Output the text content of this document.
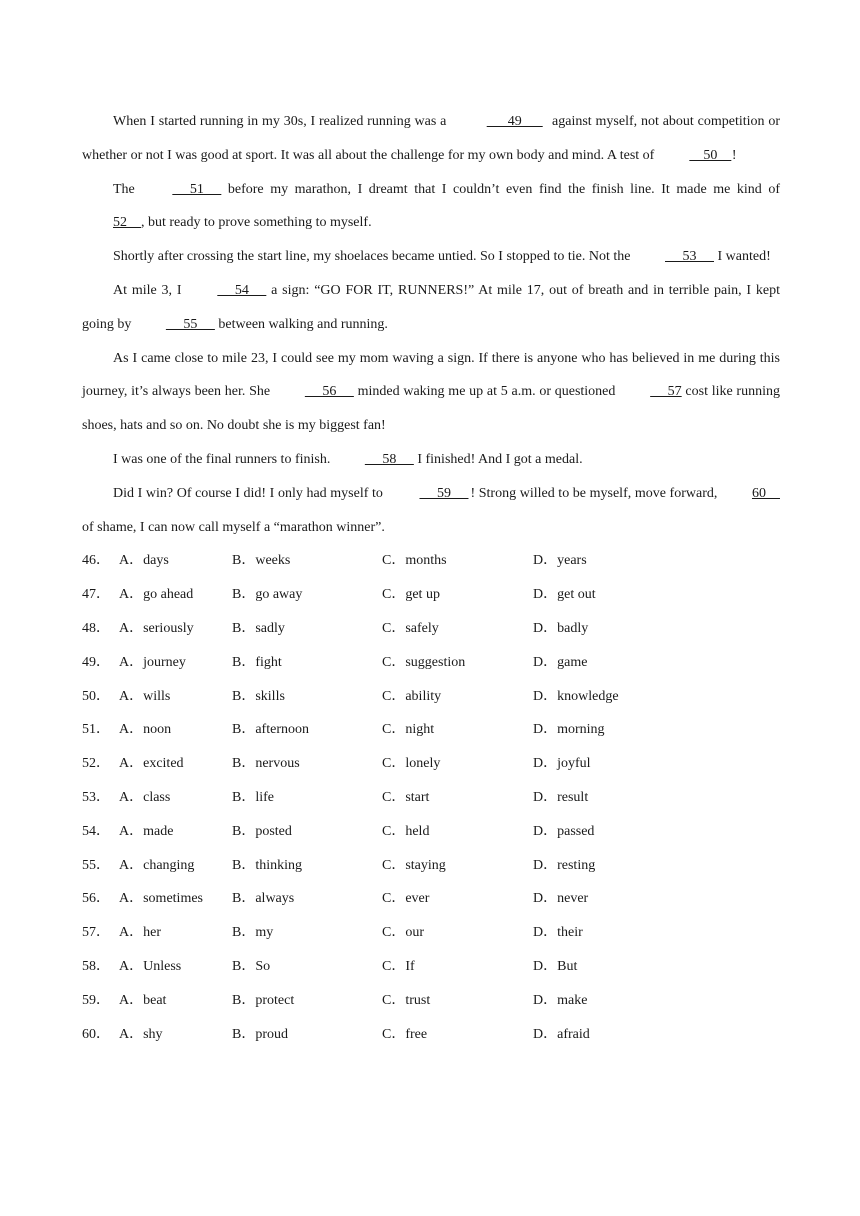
When I started running in my 30s, I realized running was a	49       against myself, not about competition or whether or not I was good at sport. It was all about the challenge for my own body and mind. A test of     50    !

The      51      before my marathon, I dreamt that I couldn’t even find the finish line. It made me kind of 52    , but ready to prove something to myself.

Shortly after crossing the start line, my shoelaces became untied. So I stopped to tie. Not the      53      I wanted!

At mile 3, I      54      a sign: “GO FOR IT, RUNNERS!” At mile 17, out of breath and in terrible pain, I kept going by      55      between walking and running.

As I came close to mile 23, I could see my mom waving a sign. If there is anyone who has believed in me during this journey, it’s always been her. She      56      minded waking me up at 5 a.m. or questioned      57 cost like running shoes, hats and so on. No doubt she is my biggest fan!

I was one of the final runners to finish.      58      I finished! And I got a medal.

Did I win? Of course I did! I only had myself to      59     ! Strong willed to be myself, move forward, 60     of shame, I can now call myself a “marathon winner”.

46． A．days	B．weeks	C．months	D．years
47． A．go ahead	B．go away	C．get up	D．get out
48． A．seriously	B．sadly	C．safely	D．badly
49． A．journey	B．fight	C．suggestion	D．game
50． A．wills	B．skills	C．ability	D．knowledge
51． A．noon	B．afternoon	C．night	D．morning
52． A．excited	B．nervous	C．lonely	D．joyful
53． A．class	B．life	C．start	D．result
54． A．made	B．posted	C．held	D．passed
55． A．changing	B．thinking	C．staying	D．resting
56． A．sometimes B．always	C．ever	D．never
57． A．her	B．my	C．our	D．their
58． A．Unless	B．So	C．If	D．But
59． A．beat	B．protect	C．trust	D．make
60． A．shy	B．proud	C．free	D．afraid
